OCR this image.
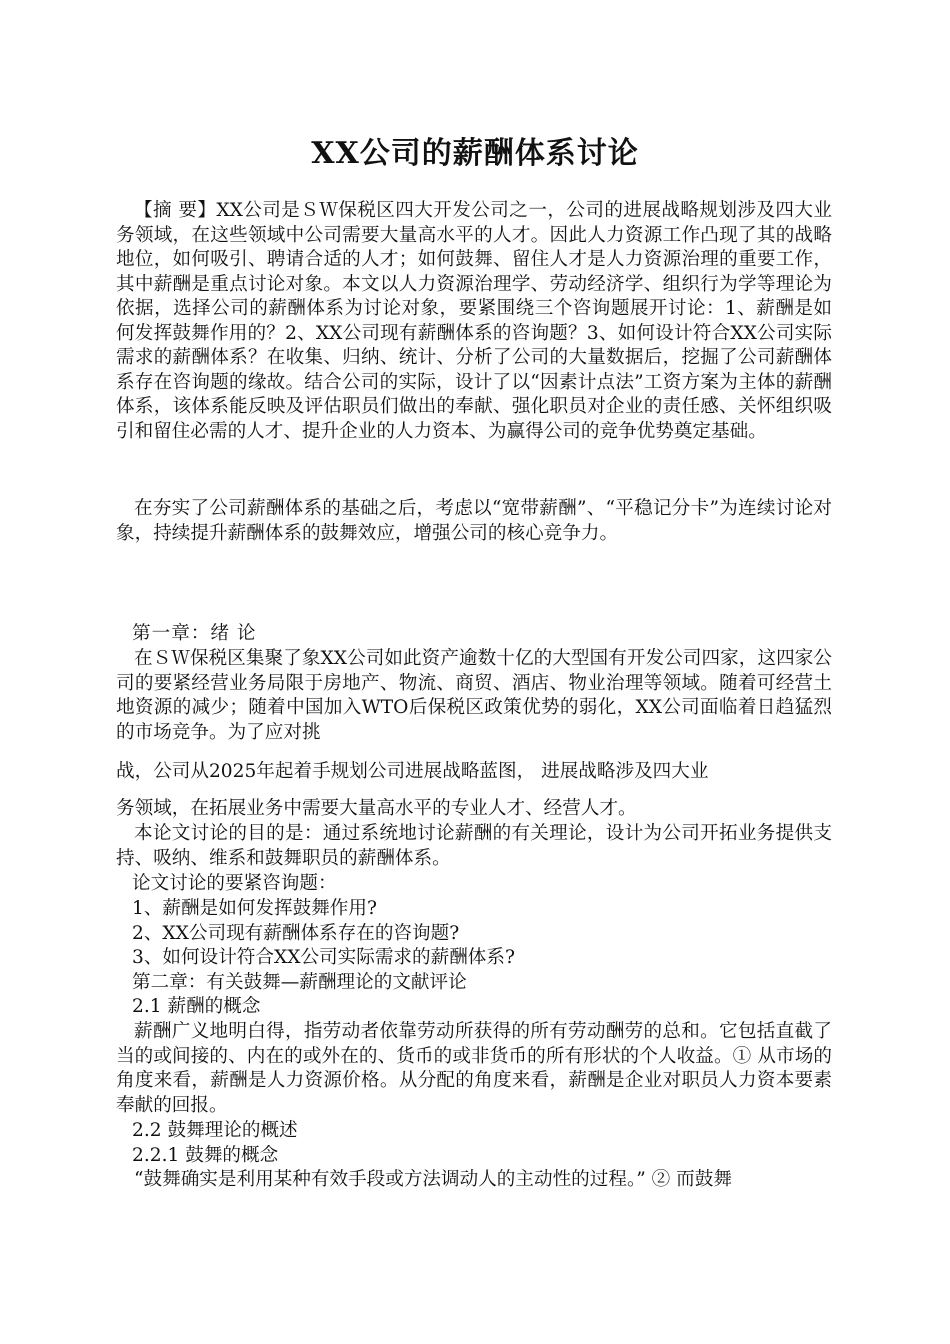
XX公司的薪酬体系讨论

【摘 要】XX公司是ＳＷ保税区四大开发公司之一，公司的进展战略规划涉及四大业务领域，在这些领域中公司需要大量高水平的人才。因此人力资源工作凸现了其的战略地位，如何吸引、聘请合适的人才；如何鼓舞、留住人才是人力资源治理的重要工作，其中薪酬是重点讨论对象。本文以人力资源治理学、劳动经济学、组织行为学等理论为依据，选择公司的薪酬体系为讨论对象，要紧围绕三个咨询题展开讨论：1、薪酬是如何发挥鼓舞作用的？2、XX公司现有薪酬体系的咨询题？3、如何设计符合XX公司实际需求的薪酬体系？在收集、归纳、统计、分析了公司的大量数据后，挖掘了公司薪酬体系存在咨询题的缘故。结合公司的实际，设计了以“因素计点法”工资方案为主体的薪酬体系，该体系能反映及评估职员们做出的奉献、强化职员对企业的责任感、关怀组织吸引和留住必需的人才、提升企业的人力资本、为赢得公司的竞争优势奠定基础。

在夯实了公司薪酬体系的基础之后，考虑以“宽带薪酬”、“平稳记分卡”为连续讨论对象，持续提升薪酬体系的鼓舞效应，增强公司的核心竞争力。

第一章：绪 论

在ＳＷ保税区集聚了象XX公司如此资产逾数十亿的大型国有开发公司四家，这四家公司的要紧经营业务局限于房地产、物流、商贸、酒店、物业治理等领域。随着可经营土地资源的减少；随着中国加入WTO后保税区政策优势的弱化，XX公司面临着日趋猛烈的市场竞争。为了应对挑

战，公司从2025年起着手规划公司进展战略蓝图， 进展战略涉及四大业
务领域，在拓展业务中需要大量高水平的专业人才、经营人才。

本论文讨论的目的是：通过系统地讨论薪酬的有关理论，设计为公司开拓业务提供支持、吸纳、维系和鼓舞职员的薪酬体系。

论文讨论的要紧咨询题：
1、薪酬是如何发挥鼓舞作用?
2、XX公司现有薪酬体系存在的咨询题?
3、如何设计符合XX公司实际需求的薪酬体系?
第二章：有关鼓舞—薪酬理论的文献评论
2.1 薪酬的概念

薪酬广义地明白得，指劳动者依靠劳动所获得的所有劳动酬劳的总和。它包括直截了当的或间接的、内在的或外在的、货币的或非货币的所有形状的个人收益。① 从市场的角度来看，薪酬是人力资源价格。从分配的角度来看，薪酬是企业对职员人力资本要素奉献的回报。

2.2 鼓舞理论的概述
2.2.1 鼓舞的概念

“鼓舞确实是利用某种有效手段或方法调动人的主动性的过程。” ② 而鼓舞
